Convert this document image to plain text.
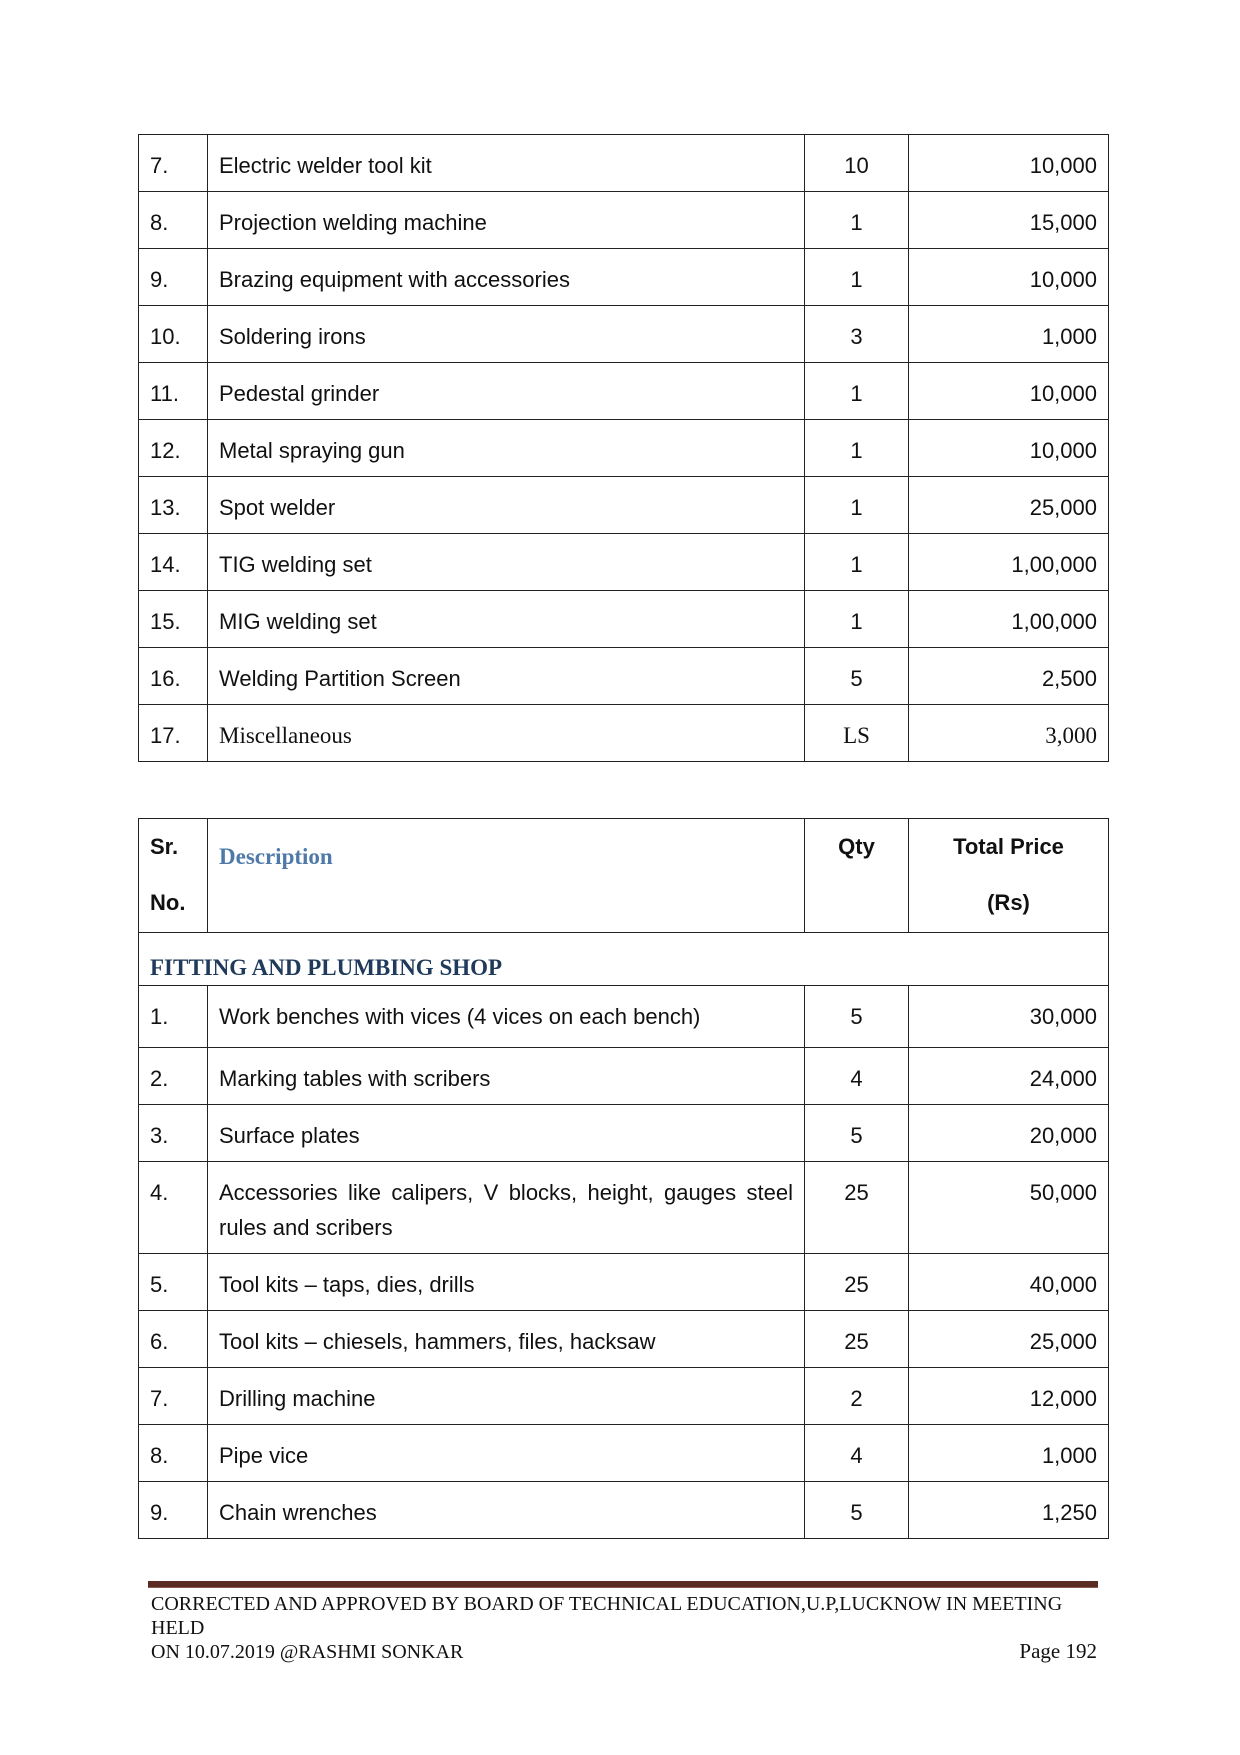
7.	Electric welder tool kit	10	10,000

8.	Projection welding machine	1	15,000

9.	Brazing equipment with accessories	1	10,000

10.	Soldering irons	3	1,000

11.	Pedestal grinder	1	10,000

12.	Metal spraying gun	1	10,000

13.	Spot welder	1	25,000

14.	TIG welding set	1	1,00,000

15.	MIG welding set	1	1,00,000

16.	Welding Partition Screen	5	2,500

17.	Miscellaneous	LS	3,000
Sr.
No.	Description	Qty	Total Price
(Rs)

FITTING AND PLUMBING SHOP			

1.	Work benches with vices (4 vices on each bench)	5	30,000

2.	Marking tables with scribers	4	24,000

3.	Surface plates	5	20,000

4.	Accessories like calipers, V blocks, height, gauges steel rules and scribers	25	50,000

5.	Tool kits – taps, dies, drills	25	40,000

6.	Tool kits – chiesels, hammers, files, hacksaw	25	25,000

7.	Drilling machine	2	12,000

8.	Pipe vice	4	1,000

9.	Chain wrenches	5	1,250
CORRECTED AND APPROVED BY BOARD OF TECHNICAL EDUCATION,U.P,LUCKNOW IN MEETING HELD
ON 10.07.2019 @RASHMI SONKAR	Page 192
